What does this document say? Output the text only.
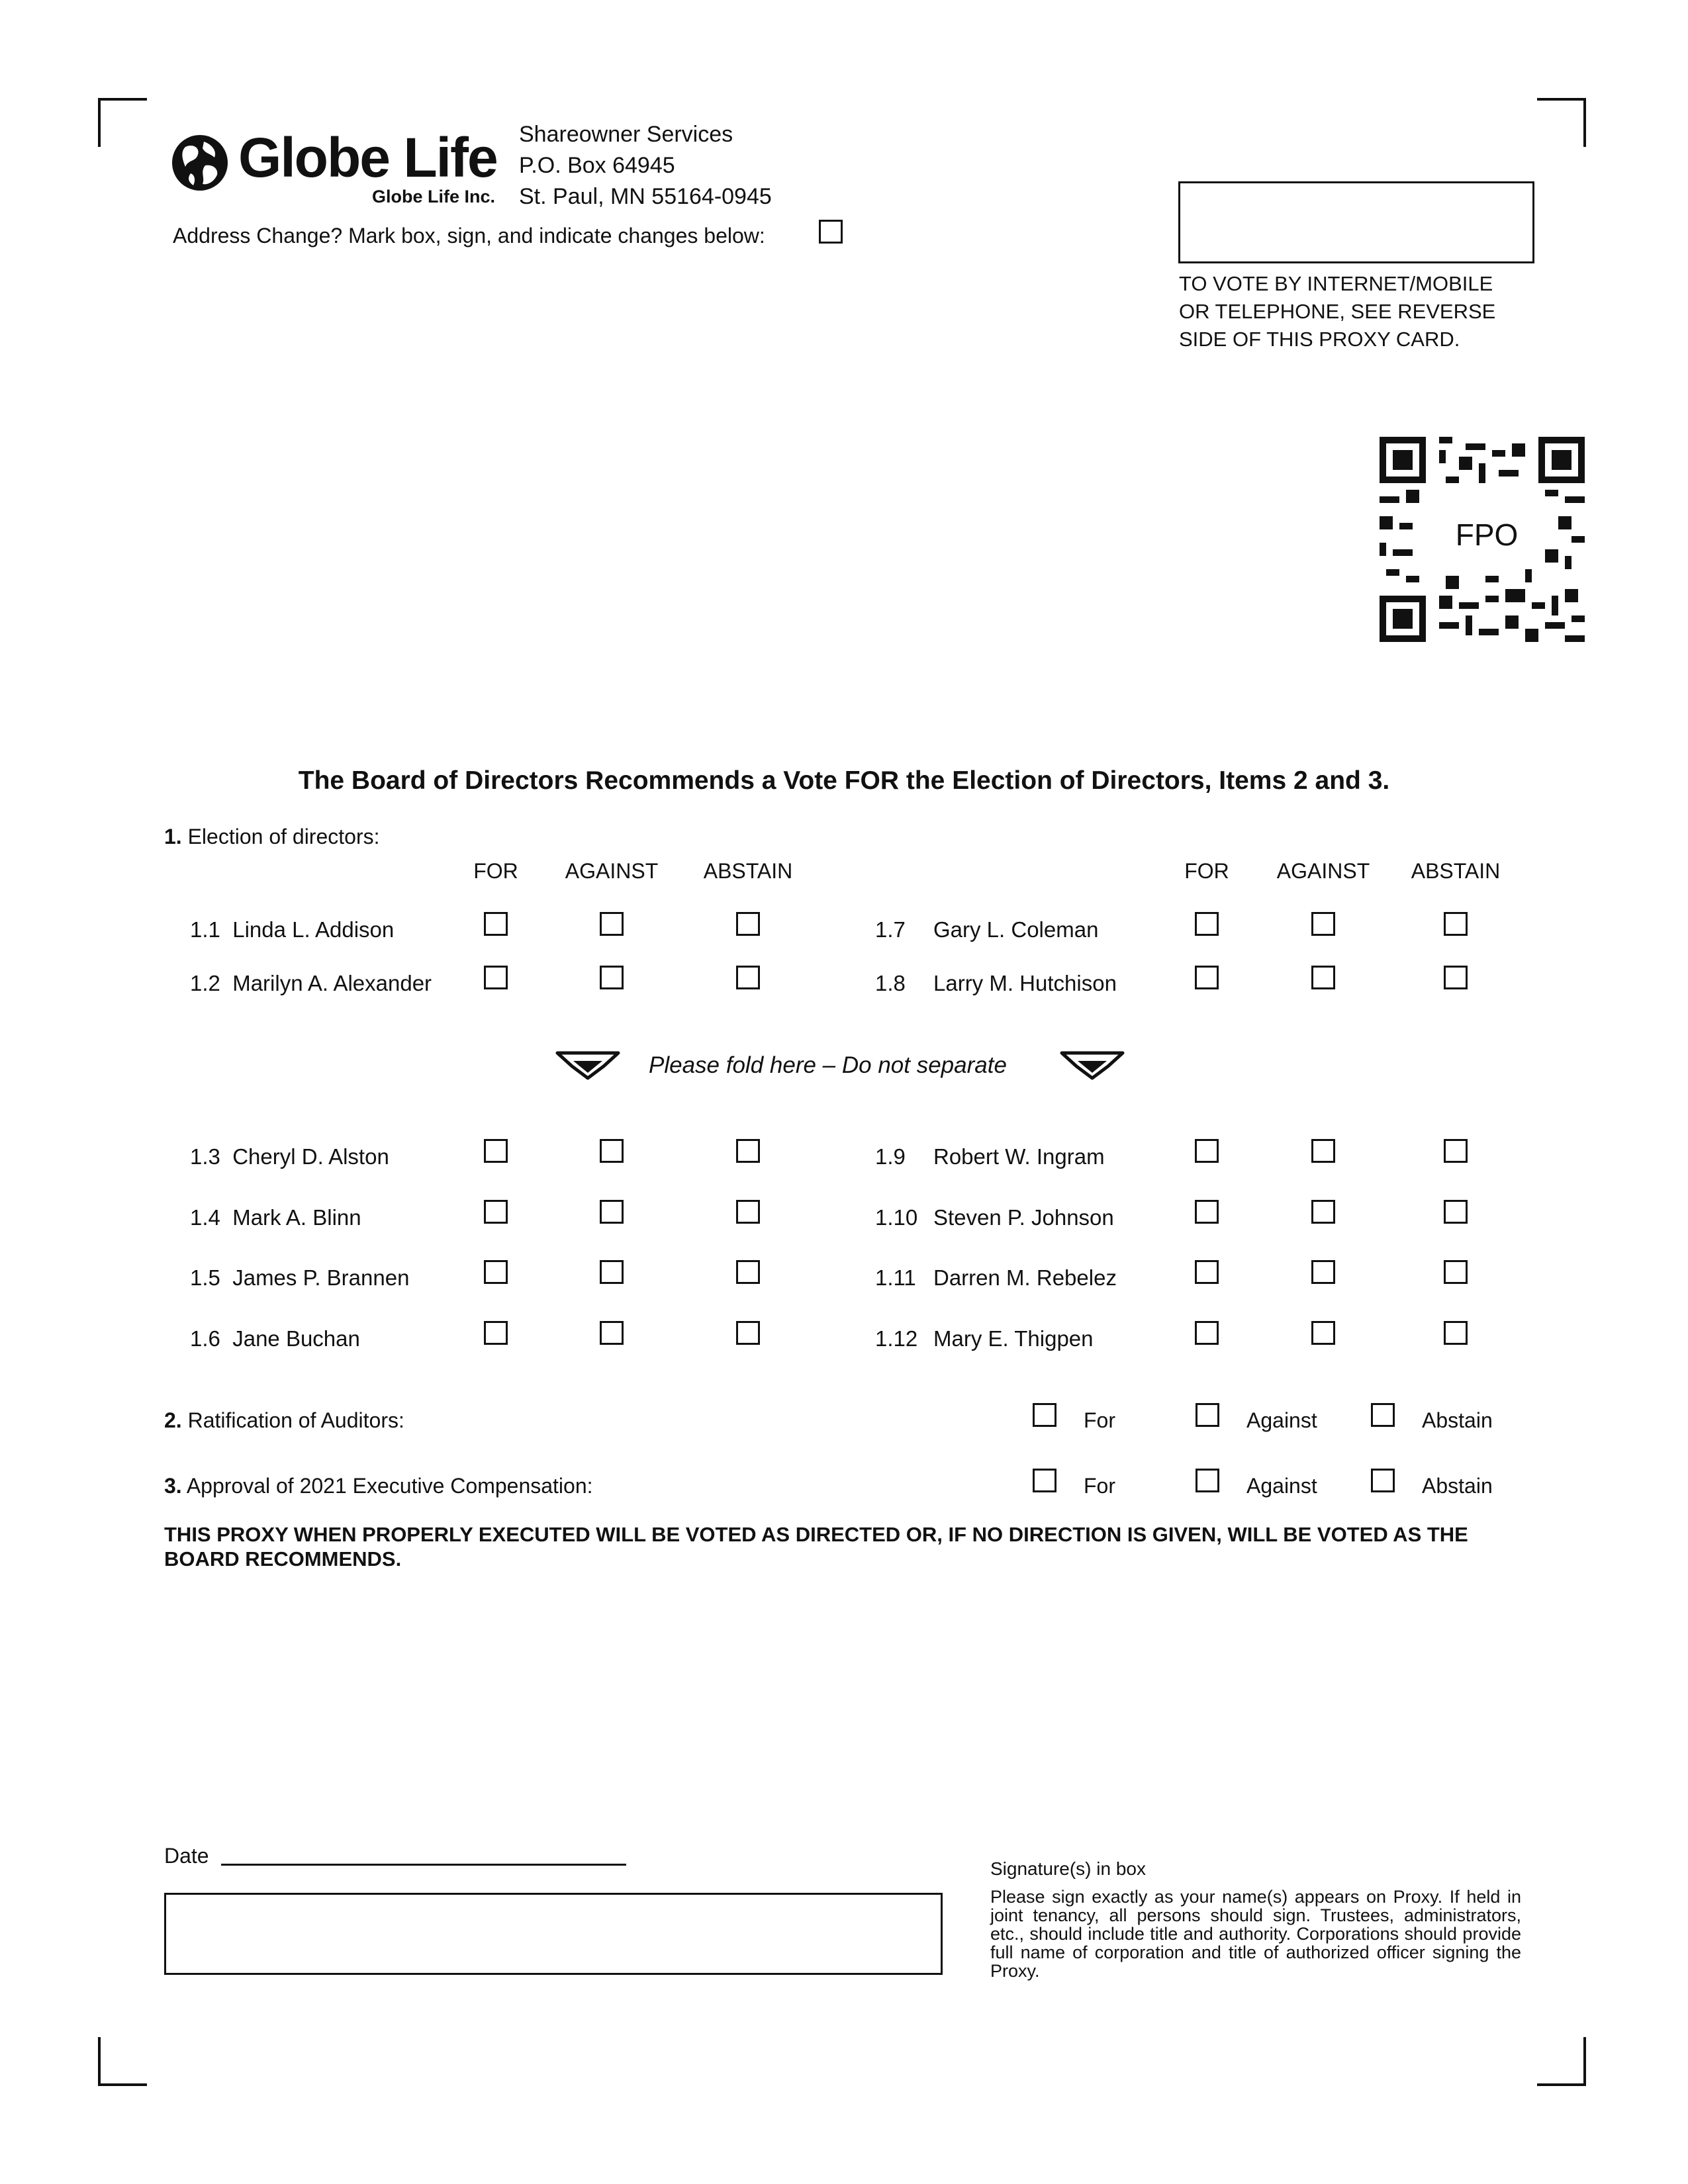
Globe Life
Globe Life Inc.
Shareowner Services
P.O. Box 64945
St. Paul, MN 55164-0945
Address Change? Mark box, sign, and indicate changes below:
TO VOTE BY INTERNET/MOBILE
OR TELEPHONE, SEE REVERSE
SIDE OF THIS PROXY CARD.
FPO
The Board of Directors Recommends a Vote FOR the Election of Directors, Items 2 and 3.
1. Election of directors:
FOR	AGAINST	ABSTAIN	FOR	AGAINST	ABSTAIN
1.1 Linda L. Addison
1.2 Marilyn A. Alexander
1.3 Cheryl D. Alston
1.4 Mark A. Blinn
1.5 James P. Brannen
1.6 Jane Buchan
1.7 Gary L. Coleman
1.8 Larry M. Hutchison
1.9 Robert W. Ingram
1.10 Steven P. Johnson
1.11 Darren M. Rebelez
1.12 Mary E. Thigpen
Please fold here – Do not separate
2. Ratification of Auditors:	For	Against	Abstain
3. Approval of 2021 Executive Compensation:	For	Against	Abstain
THIS PROXY WHEN PROPERLY EXECUTED WILL BE VOTED AS DIRECTED OR, IF NO DIRECTION IS GIVEN, WILL BE VOTED AS THE BOARD RECOMMENDS.
Date
Signature(s) in box
Please sign exactly as your name(s) appears on Proxy. If held in joint tenancy, all persons should sign. Trustees, administrators, etc., should include title and authority. Corporations should provide full name of corporation and title of authorized officer signing the Proxy.
